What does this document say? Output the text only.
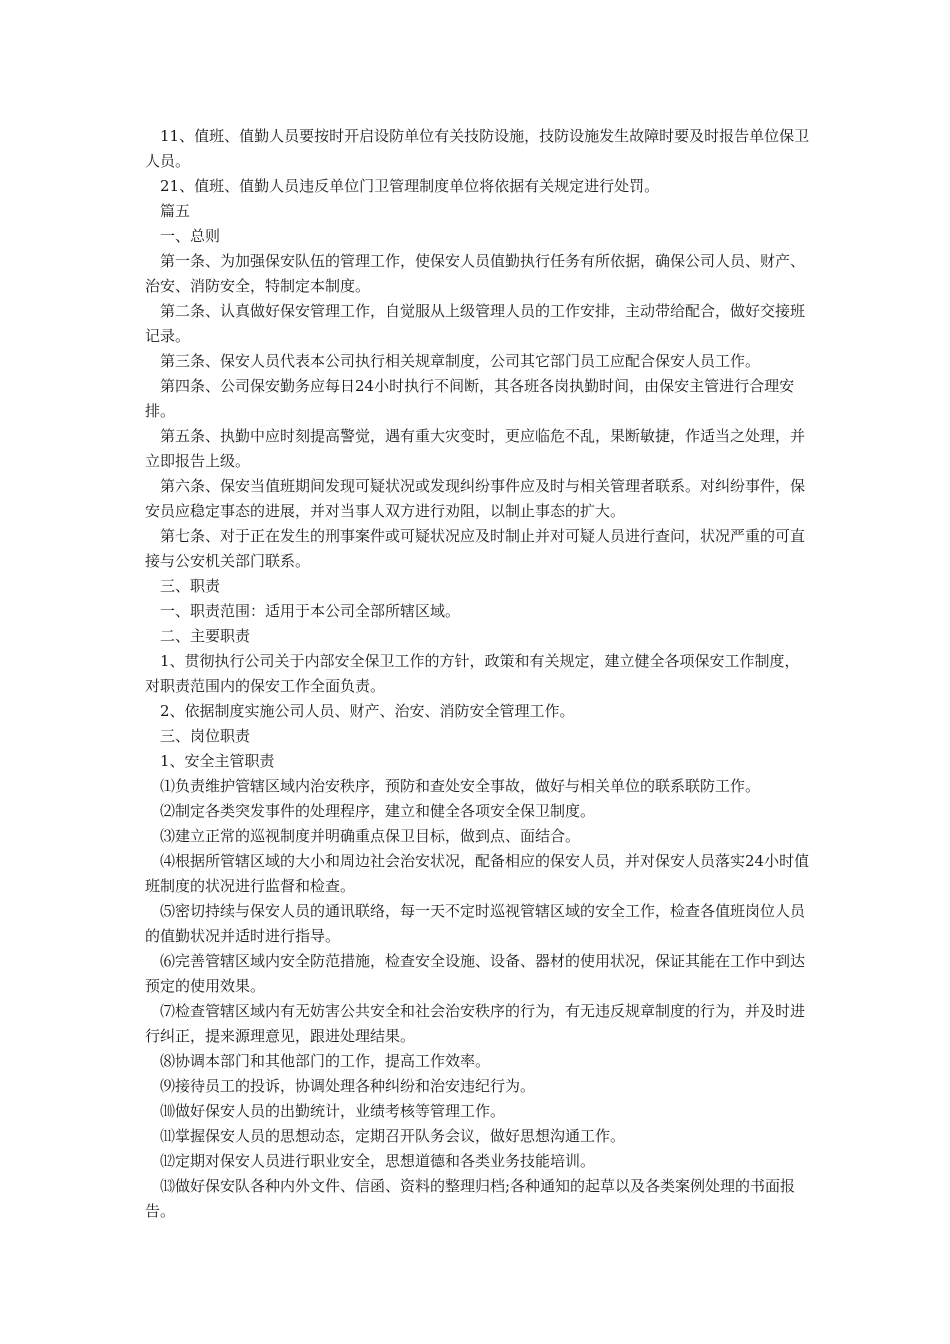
11、值班、值勤人员要按时开启设防单位有关技防设施，技防设施发生故障时要及时报告单位保卫人员。

21、值班、值勤人员违反单位门卫管理制度单位将依据有关规定进行处罚。

篇五

一、总则

第一条、为加强保安队伍的管理工作，使保安人员值勤执行任务有所依据，确保公司人员、财产、治安、消防安全，特制定本制度。

第二条、认真做好保安管理工作，自觉服从上级管理人员的工作安排，主动带给配合，做好交接班记录。

第三条、保安人员代表本公司执行相关规章制度，公司其它部门员工应配合保安人员工作。

第四条、公司保安勤务应每日24小时执行不间断，其各班各岗执勤时间，由保安主管进行合理安排。

第五条、执勤中应时刻提高警觉，遇有重大灾变时，更应临危不乱，果断敏捷，作适当之处理，并立即报告上级。

第六条、保安当值班期间发现可疑状况或发现纠纷事件应及时与相关管理者联系。对纠纷事件，保安员应稳定事态的进展，并对当事人双方进行劝阻，以制止事态的扩大。

第七条、对于正在发生的刑事案件或可疑状况应及时制止并对可疑人员进行查问，状况严重的可直接与公安机关部门联系。

三、职责

一、职责范围：适用于本公司全部所辖区域。

二、主要职责

1、贯彻执行公司关于内部安全保卫工作的方针，政策和有关规定，建立健全各项保安工作制度，对职责范围内的保安工作全面负责。

2、依据制度实施公司人员、财产、治安、消防安全管理工作。

三、岗位职责

1、安全主管职责

⑴负责维护管辖区域内治安秩序，预防和查处安全事故，做好与相关单位的联系联防工作。

⑵制定各类突发事件的处理程序，建立和健全各项安全保卫制度。

⑶建立正常的巡视制度并明确重点保卫目标，做到点、面结合。

⑷根据所管辖区域的大小和周边社会治安状况，配备相应的保安人员，并对保安人员落实24小时值班制度的状况进行监督和检查。

⑸密切持续与保安人员的通讯联络，每一天不定时巡视管辖区域的安全工作，检查各值班岗位人员的值勤状况并适时进行指导。

⑹完善管辖区域内安全防范措施，检查安全设施、设备、器材的使用状况，保证其能在工作中到达预定的使用效果。

⑺检查管辖区域内有无妨害公共安全和社会治安秩序的行为，有无违反规章制度的行为，并及时进行纠正，提来源理意见，跟进处理结果。

⑻协调本部门和其他部门的工作，提高工作效率。

⑼接待员工的投诉，协调处理各种纠纷和治安违纪行为。

⑽做好保安人员的出勤统计，业绩考核等管理工作。

⑾掌握保安人员的思想动态，定期召开队务会议，做好思想沟通工作。

⑿定期对保安人员进行职业安全，思想道德和各类业务技能培训。

⒀做好保安队各种内外文件、信函、资料的整理归档;各种通知的起草以及各类案例处理的书面报告。
